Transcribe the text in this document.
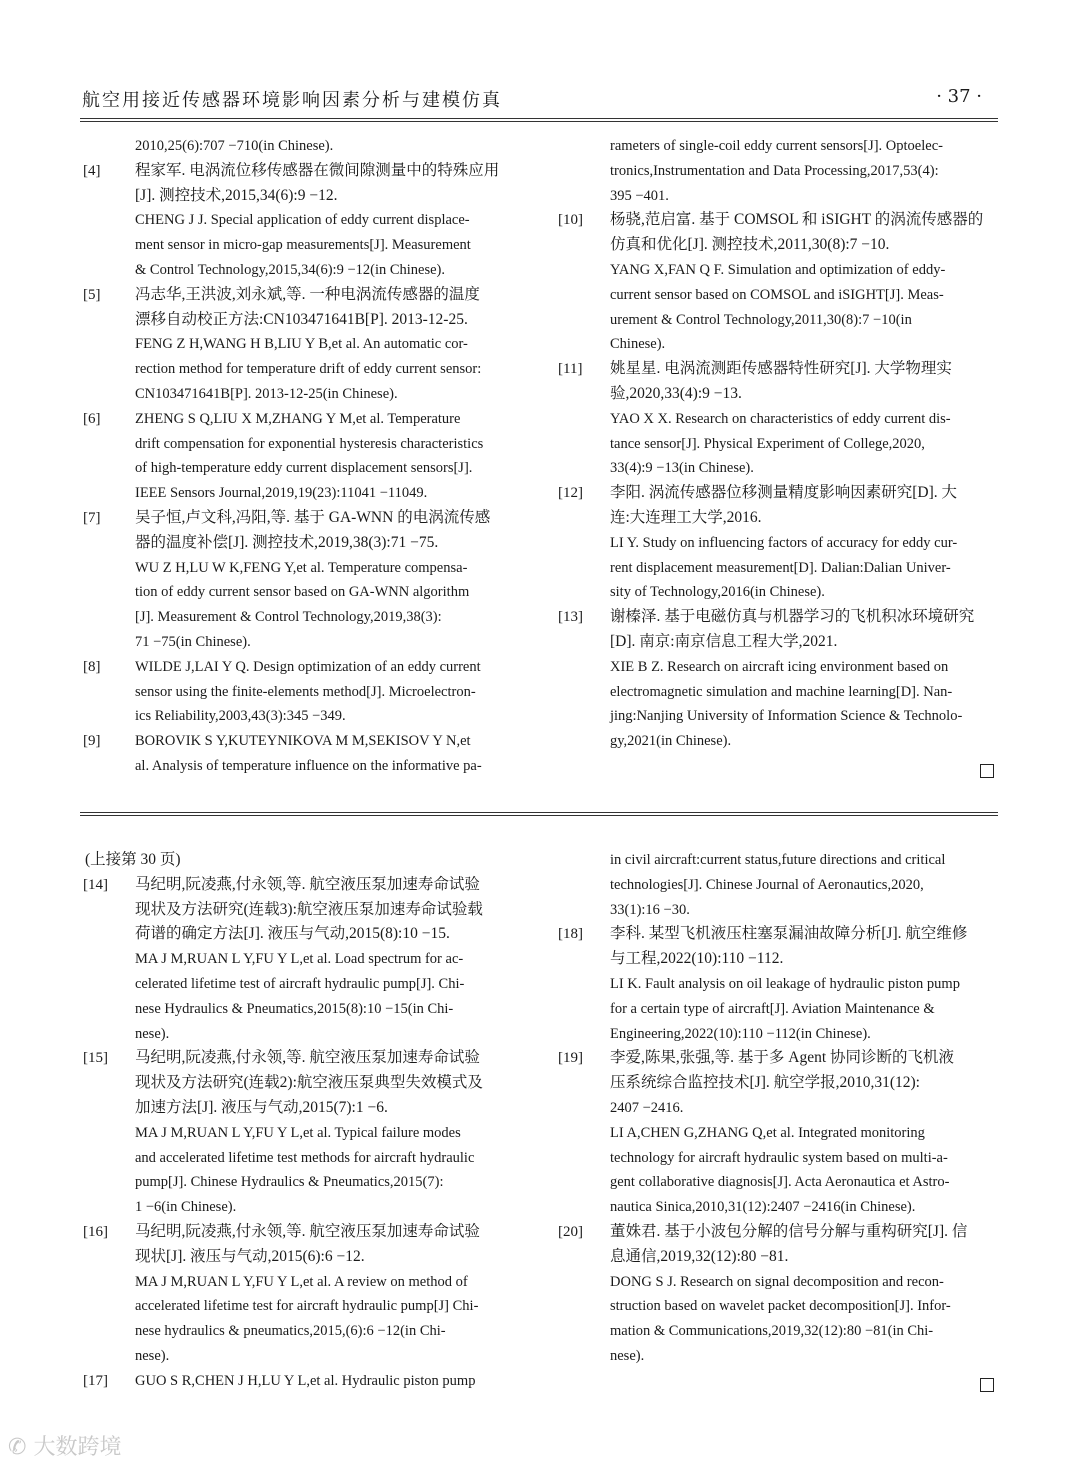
航空用接近传感器环境影响因素分析与建模仿真	· 37 ·
2010,25(6):707 −710(in Chinese).
[4] 程家军. 电涡流位移传感器在微间隙测量中的特殊应用
[J]. 测控技术,2015,34(6):9 −12.
CHENG J J. Special application of eddy current displace-
ment sensor in micro-gap measurements[J]. Measurement
& Control Technology,2015,34(6):9 −12(in Chinese).
[5] 冯志华,王洪波,刘永斌,等. 一种电涡流传感器的温度
漂移自动校正方法:CN103471641B[P]. 2013-12-25.
FENG Z H,WANG H B,LIU Y B,et al. An automatic cor-
rection method for temperature drift of eddy current sensor:
CN103471641B[P]. 2013-12-25(in Chinese).
[6] ZHENG S Q,LIU X M,ZHANG Y M,et al. Temperature
drift compensation for exponential hysteresis characteristics
of high-temperature eddy current displacement sensors[J].
IEEE Sensors Journal,2019,19(23):11041 −11049.
[7] 吴子恒,卢文科,冯阳,等. 基于 GA-WNN 的电涡流传感
器的温度补偿[J]. 测控技术,2019,38(3):71 −75.
WU Z H,LU W K,FENG Y,et al. Temperature compensa-
tion of eddy current sensor based on GA-WNN algorithm
[J]. Measurement & Control Technology,2019,38(3):
71 −75(in Chinese).
[8] WILDE J,LAI Y Q. Design optimization of an eddy current
sensor using the finite-elements method[J]. Microelectron-
ics Reliability,2003,43(3):345 −349.
[9] BOROVIK S Y,KUTEYNIKOVA M M,SEKISOV Y N,et
al. Analysis of temperature influence on the informative pa-
rameters of single-coil eddy current sensors[J]. Optoelec-
tronics,Instrumentation and Data Processing,2017,53(4):
395 −401.
[10] 杨骁,范启富. 基于 COMSOL 和 iSIGHT 的涡流传感器的
仿真和优化[J]. 测控技术,2011,30(8):7 −10.
YANG X,FAN Q F. Simulation and optimization of eddy-
current sensor based on COMSOL and iSIGHT[J]. Meas-
urement & Control Technology,2011,30(8):7 −10(in
Chinese).
[11] 姚星星. 电涡流测距传感器特性研究[J]. 大学物理实
验,2020,33(4):9 −13.
YAO X X. Research on characteristics of eddy current dis-
tance sensor[J]. Physical Experiment of College,2020,
33(4):9 −13(in Chinese).
[12] 李阳. 涡流传感器位移测量精度影响因素研究[D]. 大
连:大连理工大学,2016.
LI Y. Study on influencing factors of accuracy for eddy cur-
rent displacement measurement[D]. Dalian:Dalian Univer-
sity of Technology,2016(in Chinese).
[13] 谢榛泽. 基于电磁仿真与机器学习的飞机积冰环境研究
[D]. 南京:南京信息工程大学,2021.
XIE B Z. Research on aircraft icing environment based on
electromagnetic simulation and machine learning[D]. Nan-
jing:Nanjing University of Information Science & Technolo-
gy,2021(in Chinese).
(上接第 30 页)
[14] 马纪明,阮凌燕,付永领,等. 航空液压泵加速寿命试验
现状及方法研究(连载3):航空液压泵加速寿命试验载
荷谱的确定方法[J]. 液压与气动,2015(8):10 −15.
MA J M,RUAN L Y,FU Y L,et al. Load spectrum for ac-
celerated lifetime test of aircraft hydraulic pump[J]. Chi-
nese Hydraulics & Pneumatics,2015(8):10 −15(in Chi-
nese).
[15] 马纪明,阮凌燕,付永领,等. 航空液压泵加速寿命试验
现状及方法研究(连载2):航空液压泵典型失效模式及
加速方法[J]. 液压与气动,2015(7):1 −6.
MA J M,RUAN L Y,FU Y L,et al. Typical failure modes
and accelerated lifetime test methods for aircraft hydraulic
pump[J]. Chinese Hydraulics & Pneumatics,2015(7):
1 −6(in Chinese).
[16] 马纪明,阮凌燕,付永领,等. 航空液压泵加速寿命试验
现状[J]. 液压与气动,2015(6):6 −12.
MA J M,RUAN L Y,FU Y L,et al. A review on method of
accelerated lifetime test for aircraft hydraulic pump[J] Chi-
nese hydraulics & pneumatics,2015,(6):6 −12(in Chi-
nese).
[17] GUO S R,CHEN J H,LU Y L,et al. Hydraulic piston pump
in civil aircraft:current status,future directions and critical
technologies[J]. Chinese Journal of Aeronautics,2020,
33(1):16 −30.
[18] 李科. 某型飞机液压柱塞泵漏油故障分析[J]. 航空维修
与工程,2022(10):110 −112.
LI K. Fault analysis on oil leakage of hydraulic piston pump
for a certain type of aircraft[J]. Aviation Maintenance &
Engineering,2022(10):110 −112(in Chinese).
[19] 李爱,陈果,张强,等. 基于多 Agent 协同诊断的飞机液
压系统综合监控技术[J]. 航空学报,2010,31(12):
2407 −2416.
LI A,CHEN G,ZHANG Q,et al. Integrated monitoring
technology for aircraft hydraulic system based on multi-a-
gent collaborative diagnosis[J]. Acta Aeronautica et Astro-
nautica Sinica,2010,31(12):2407 −2416(in Chinese).
[20] 董姝君. 基于小波包分解的信号分解与重构研究[J]. 信
息通信,2019,32(12):80 −81.
DONG S J. Research on signal decomposition and recon-
struction based on wavelet packet decomposition[J]. Infor-
mation & Communications,2019,32(12):80 −81(in Chi-
nese).
✆ 大数跨境
